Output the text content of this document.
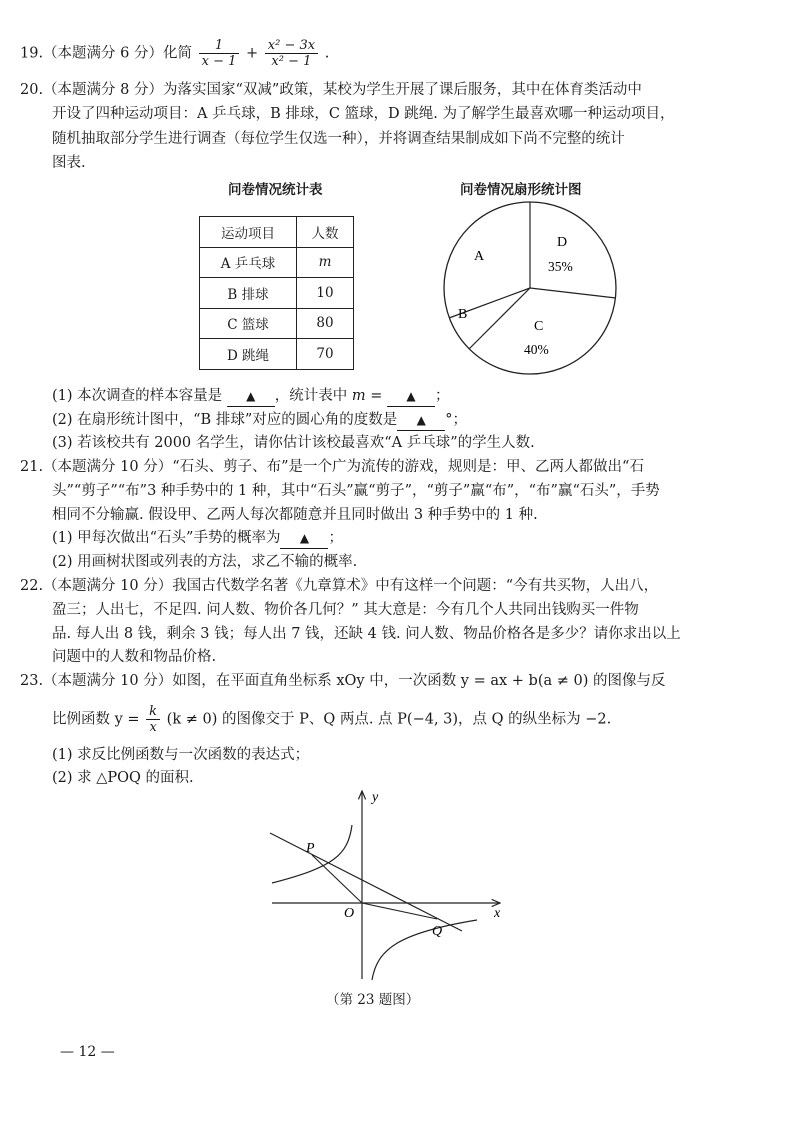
19.（本题满分 6 分）化简 $\frac{1}{x - 1} + \frac{\text{x² − 3x}}{\text{x² − 1}}$ .
20.（本题满分 8 分）为落实国家“双减”政策，某校为学生开展了课后服务，其中在体育类活动中
开设了四种运动项目：A 乒乓球，B 排球，C 篮球，D 跳绳. 为了解学生最喜欢哪一种运动项目，
随机抽取部分学生进行调查（每位学生仅选一种），并将调查结果制成如下尚不完整的统计
图表.
问卷情况统计表	问卷情况扇形统计图
运动项目	人数
A 乒乓球	m
B 排球	10
C 篮球	80
D 跳绳	70
A
B
C
40%
D
35%
(1) 本次调查的样本容量是 ▲ ，统计表中 m = ▲ ；
(2) 在扇形统计图中，“B 排球”对应的圆心角的度数是 ▲ °；
(3) 若该校共有 2000 名学生，请你估计该校最喜欢“A 乒乓球”的学生人数.
21.（本题满分 10 分）“石头、剪子、布”是一个广为流传的游戏，规则是：甲、乙两人都做出“石
头”“剪子”“布”3 种手势中的 1 种，其中“石头”赢“剪子”，“剪子”赢“布”，“布”赢“石头”，手势
相同不分输赢. 假设甲、乙两人每次都随意并且同时做出 3 种手势中的 1 种.
(1) 甲每次做出“石头”手势的概率为 ▲ ；
(2) 用画树状图或列表的方法，求乙不输的概率.
22.（本题满分 10 分）我国古代数学名著《九章算术》中有这样一个问题：“今有共买物，人出八，
盈三；人出七，不足四. 问人数、物价各几何？” 其大意是：今有几个人共同出钱购买一件物
品. 每人出 8 钱，剩余 3 钱；每人出 7 钱，还缺 4 钱. 问人数、物品价格各是多少？请你求出以上
问题中的人数和物品价格.
23.（本题满分 10 分）如图，在平面直角坐标系 xOy 中，一次函数 y = ax + b(a ≠ 0) 的图像与反
比例函数 $y = \frac{k}{x} (k \ne 0)$ 的图像交于 P、Q 两点. 点 P(−4, 3)，点 Q 的纵坐标为 −2.
(1) 求反比例函数与一次函数的表达式；
(2) 求 △POQ 的面积.
y
x
O
P
Q
（第 23 题图）
— 12 —
